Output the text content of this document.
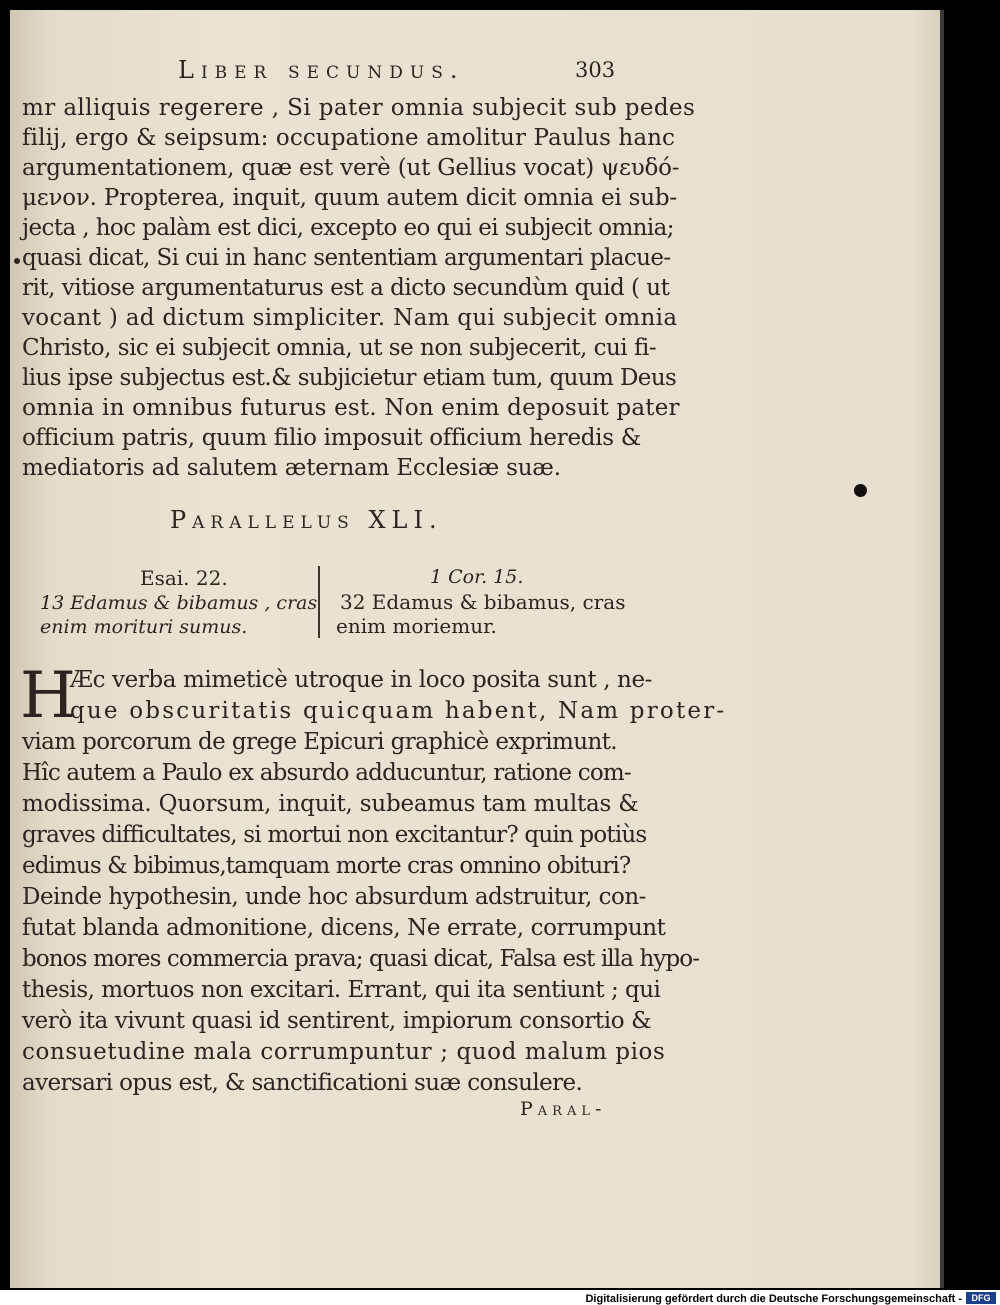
Liber secundus.	303
mr alliquis regerere , Si pater omnia subjecit sub pedes
filij, ergo & seipsum: occupatione amolitur Paulus hanc
argumentationem, quæ est verè (ut Gellius vocat) ψευδό-
μενον. Propterea, inquit, quum autem dicit omnia ei sub-
jecta , hoc palàm est dici, excepto eo qui ei subjecit omnia;
quasi dicat, Si cui in hanc sententiam argumentari placue-
rit, vitiose argumentaturus est a dicto secundùm quid ( ut
vocant ) ad dictum simpliciter. Nam qui subjecit omnia
Christo, sic ei subjecit omnia, ut se non subjecerit, cui fi-
lius ipse subjectus est.& subjicietur etiam tum, quum Deus
omnia in omnibus futurus est. Non enim deposuit pater
officium patris, quum filio imposuit officium heredis &
mediatoris ad salutem æternam Ecclesiæ suæ.
Parallelus XLI.
Esai. 22.
13 Edamus & bibamus , cras
enim morituri sumus.
1 Cor. 15.
32 Edamus & bibamus, cras
enim moriemur.
H
Æc verba mimeticè utroque in loco posita sunt , ne-
que obscuritatis quicquam habent, Nam proter-
viam porcorum de grege Epicuri graphicè exprimunt.
Hîc autem a Paulo ex absurdo adducuntur, ratione com-
modissima. Quorsum, inquit, subeamus tam multas &
graves difficultates, si mortui non excitantur? quin potiùs
edimus & bibimus,tamquam morte cras omnino obituri?
Deinde hypothesin, unde hoc absurdum adstruitur, con-
futat blanda admonitione, dicens, Ne errate, corrumpunt
bonos mores commercia prava; quasi dicat, Falsa est illa hypo-
thesis, mortuos non excitari. Errant, qui ita sentiunt ; qui
verò ita vivunt quasi id sentirent, impiorum consortio &
consuetudine mala corrumpuntur ; quod malum pios
aversari opus est, & sanctificationi suæ consulere.
Paral-
Digitalisierung gefördert durch die Deutsche Forschungsgemeinschaft -	DFG
